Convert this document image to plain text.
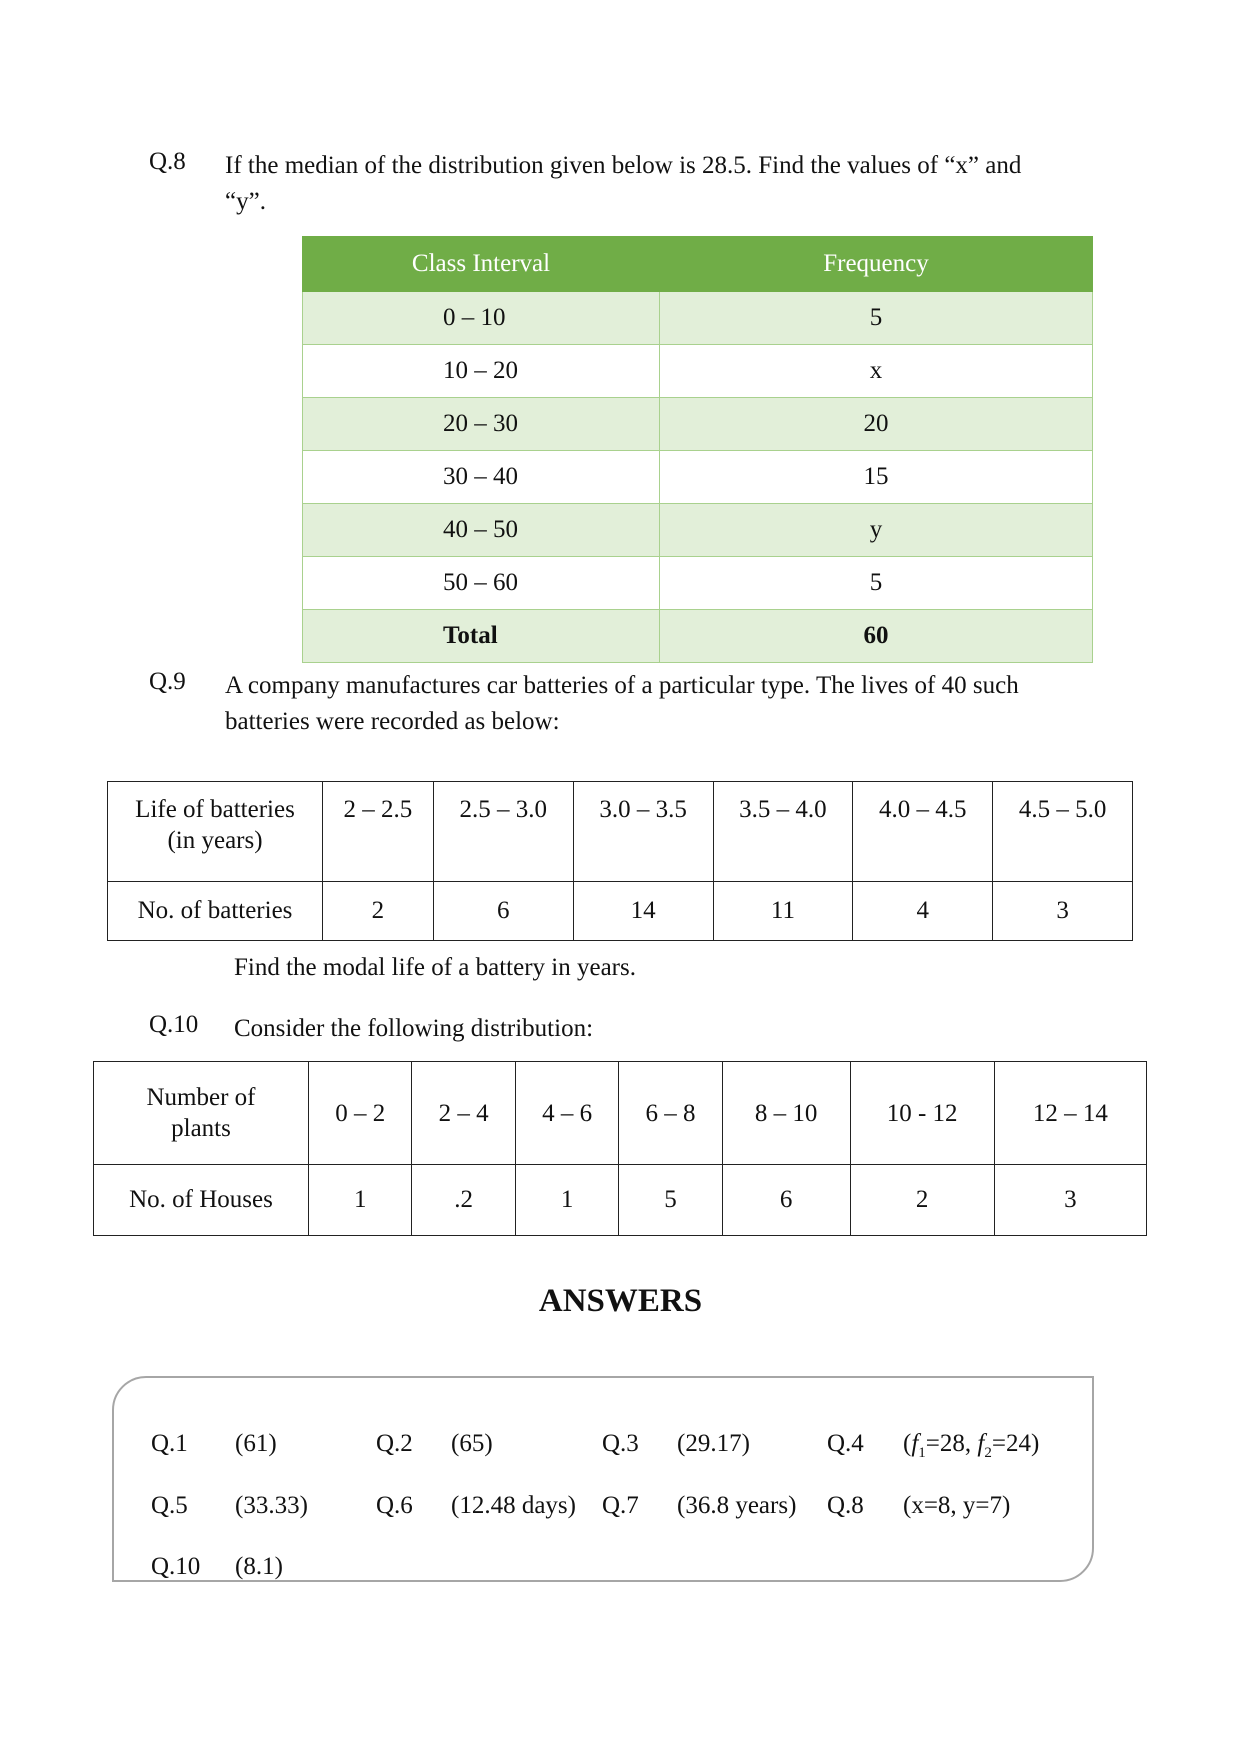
Q.8 If the median of the distribution given below is 28.5. Find the values of “x” and
“y”.
Class Interval	Frequency
0 – 10	5
10 – 20	x
20 – 30	20
30 – 40	15
40 – 50	y
50 – 60	5
Total	60
Q.9 A company manufactures car batteries of a particular type. The lives of 40 such
batteries were recorded as below:
Life of batteries
(in years)	2 – 2.5	2.5 – 3.0	3.0 – 3.5	3.5 – 4.0	4.0 – 4.5	4.5 – 5.0
No. of batteries	2	6	14	11	4	3
Find the modal life of a battery in years.
Q.10 Consider the following distribution:
Number of
plants	0 – 2	2 – 4	4 – 6	6 – 8	8 – 10	10 - 12	12 – 14
No. of Houses	1	.2	1	5	6	2	3
ANSWERS
Q.1 (61)	Q.2 (65)	Q.3 (29.17)	Q.4 ($f_1=28$, $f_2=24$)
Q.5 (33.33)	Q.6 (12.48 days) Q.7 (36.8 years) Q.8 (x=8, y=7)
Q.10 (8.1)
